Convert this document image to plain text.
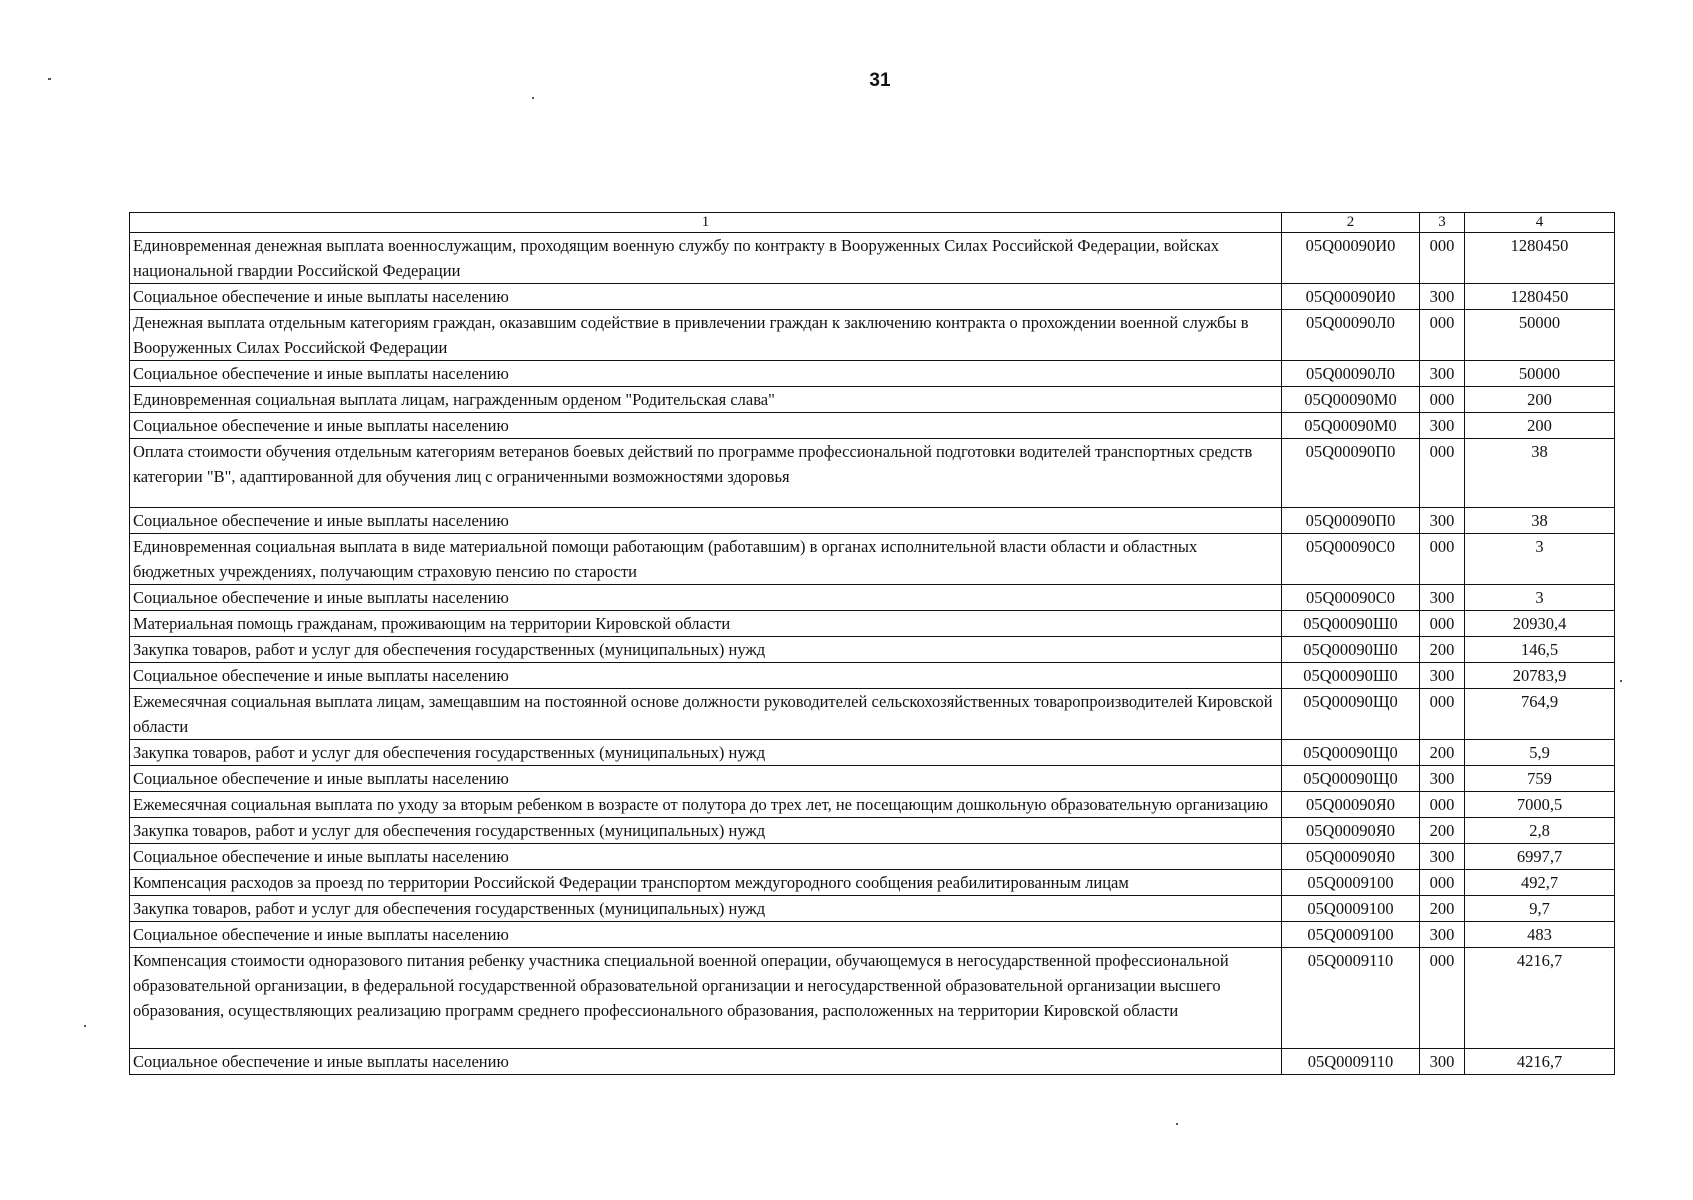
31
1	2	3	4
Единовременная денежная выплата военнослужащим, проходящим военную службу по контракту в Вооруженных Силах Российской Федерации, войсках национальной гвардии Российской Федерации	05Q00090И0	000	1280450
Социальное обеспечение и иные выплаты населению	05Q00090И0	300	1280450
Денежная выплата отдельным категориям граждан, оказавшим содействие в привлечении граждан к заключению контракта о прохождении военной службы в Вооруженных Силах Российской Федерации	05Q00090Л0	000	50000
Социальное обеспечение и иные выплаты населению	05Q00090Л0	300	50000
Единовременная социальная выплата лицам, награжденным орденом "Родительская слава"	05Q00090М0	000	200
Социальное обеспечение и иные выплаты населению	05Q00090М0	300	200
Оплата стоимости обучения отдельным категориям ветеранов боевых действий по программе профессиональной подготовки водителей транспортных средств категории "B", адаптированной для обучения лиц с ограниченными возможностями здоровья	05Q00090П0	000	38
Социальное обеспечение и иные выплаты населению	05Q00090П0	300	38
Единовременная социальная выплата в виде материальной помощи работающим (работавшим) в органах исполнительной власти области и областных бюджетных учреждениях, получающим страховую пенсию по старости	05Q00090С0	000	3
Социальное обеспечение и иные выплаты населению	05Q00090С0	300	3
Материальная помощь гражданам, проживающим на территории Кировской области	05Q00090Ш0	000	20930,4
Закупка товаров, работ и услуг для обеспечения государственных (муниципальных) нужд	05Q00090Ш0	200	146,5
Социальное обеспечение и иные выплаты населению	05Q00090Ш0	300	20783,9
Ежемесячная социальная выплата лицам, замещавшим на постоянной основе должности руководителей сельскохозяйственных товаропроизводителей Кировской области	05Q00090Щ0	000	764,9
Закупка товаров, работ и услуг для обеспечения государственных (муниципальных) нужд	05Q00090Щ0	200	5,9
Социальное обеспечение и иные выплаты населению	05Q00090Щ0	300	759
Ежемесячная социальная выплата по уходу за вторым ребенком в возрасте от полутора до трех лет, не посещающим дошкольную образовательную организацию	05Q00090Я0	000	7000,5
Закупка товаров, работ и услуг для обеспечения государственных (муниципальных) нужд	05Q00090Я0	200	2,8
Социальное обеспечение и иные выплаты населению	05Q00090Я0	300	6997,7
Компенсация расходов за проезд по территории Российской Федерации транспортом междугородного сообщения реабилитированным лицам	05Q0009100	000	492,7
Закупка товаров, работ и услуг для обеспечения государственных (муниципальных) нужд	05Q0009100	200	9,7
Социальное обеспечение и иные выплаты населению	05Q0009100	300	483
Компенсация стоимости одноразового питания ребенку участника специальной военной операции, обучающемуся в негосударственной профессиональной образовательной организации, в федеральной государственной образовательной организации и негосударственной образовательной организации высшего образования, осуществляющих реализацию программ среднего профессионального образования, расположенных на территории Кировской области	05Q0009110	000	4216,7
Социальное обеспечение и иные выплаты населению	05Q0009110	300	4216,7
